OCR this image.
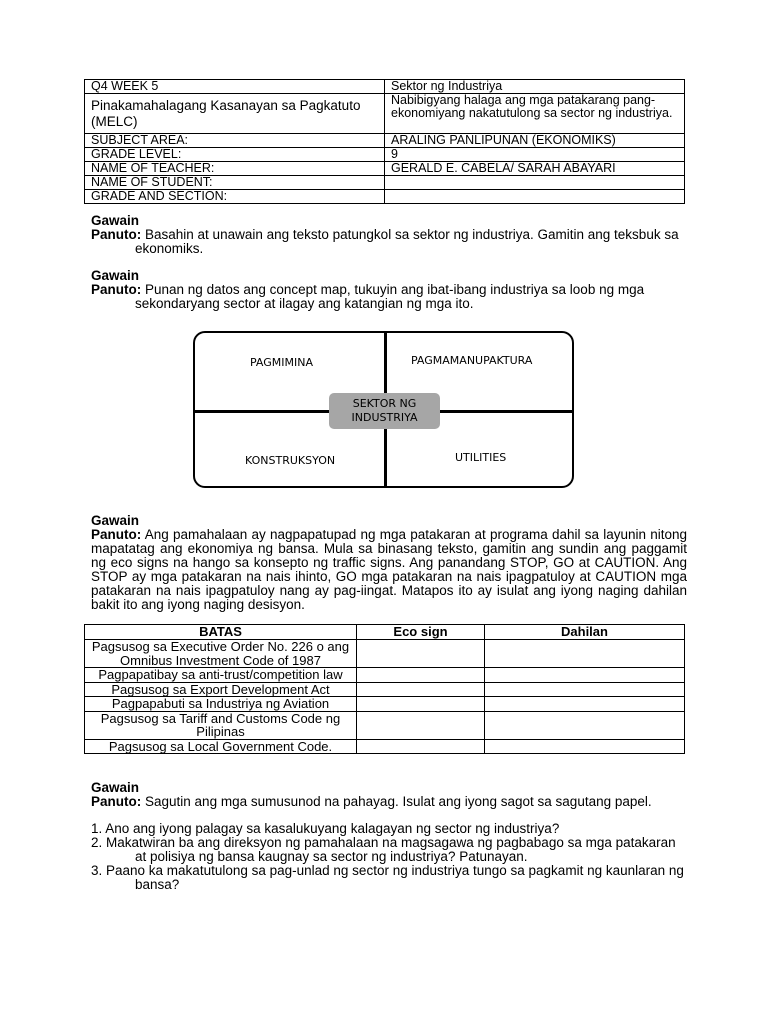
Q4 WEEK 5	Sektor ng Industriya
Pinakamahalagang Kasanayan sa Pagkatuto (MELC)	Nabibigyang halaga ang mga patakarang pang-ekonomiyang nakatutulong sa sector ng industriya.
SUBJECT AREA:	ARALING PANLIPUNAN (EKONOMIKS)
GRADE LEVEL:	9
NAME OF TEACHER:	GERALD E. CABELA/ SARAH ABAYARI
NAME OF STUDENT:	
GRADE AND SECTION:	
Gawain
Panuto: Basahin at unawain ang teksto patungkol sa sektor ng industriya. Gamitin ang teksbuk sa ekonomiks.
Gawain
Panuto: Punan ng datos ang concept map, tukuyin ang ibat-ibang industriya sa loob ng mga sekondaryang sector at ilagay ang katangian ng mga ito.
PAGMIMINA	PAGMAMANUPAKTURA
KONSTRUKSYON	UTILITIES
SEKTOR NG
INDUSTRIYA
Gawain
Panuto: Ang pamahalaan ay nagpapatupad ng mga patakaran at programa dahil sa layunin nitong mapatatag ang ekonomiya ng bansa. Mula sa binasang teksto, gamitin ang sundin ang paggamit ng eco signs na hango sa konsepto ng traffic signs. Ang panandang STOP, GO at CAUTION. Ang STOP ay mga patakaran na nais ihinto, GO mga patakaran na nais ipagpatuloy at CAUTION mga patakaran na nais ipagpatuloy nang ay pag-iingat. Matapos ito ay isulat ang iyong naging dahilan bakit ito ang iyong naging desisyon.
BATAS	Eco sign	Dahilan
Pagsusog sa Executive Order No. 226 o ang Omnibus Investment Code of 1987		
Pagpapatibay sa anti-trust/competition law		
Pagsusog sa Export Development Act		
Pagpapabuti sa Industriya ng Aviation		
Pagsusog sa Tariff and Customs Code ng Pilipinas		
Pagsusog sa Local Government Code.		
Gawain
Panuto: Sagutin ang mga sumusunod na pahayag. Isulat ang iyong sagot sa sagutang papel.
1. Ano ang iyong palagay sa kasalukuyang kalagayan ng sector ng industriya?
2. Makatwiran ba ang direksyon ng pamahalaan na magsagawa ng pagbabago sa mga patakaran at polisiya ng bansa kaugnay sa sector ng industriya? Patunayan.
3. Paano ka makatutulong sa pag-unlad ng sector ng industriya tungo sa pagkamit ng kaunlaran ng bansa?
